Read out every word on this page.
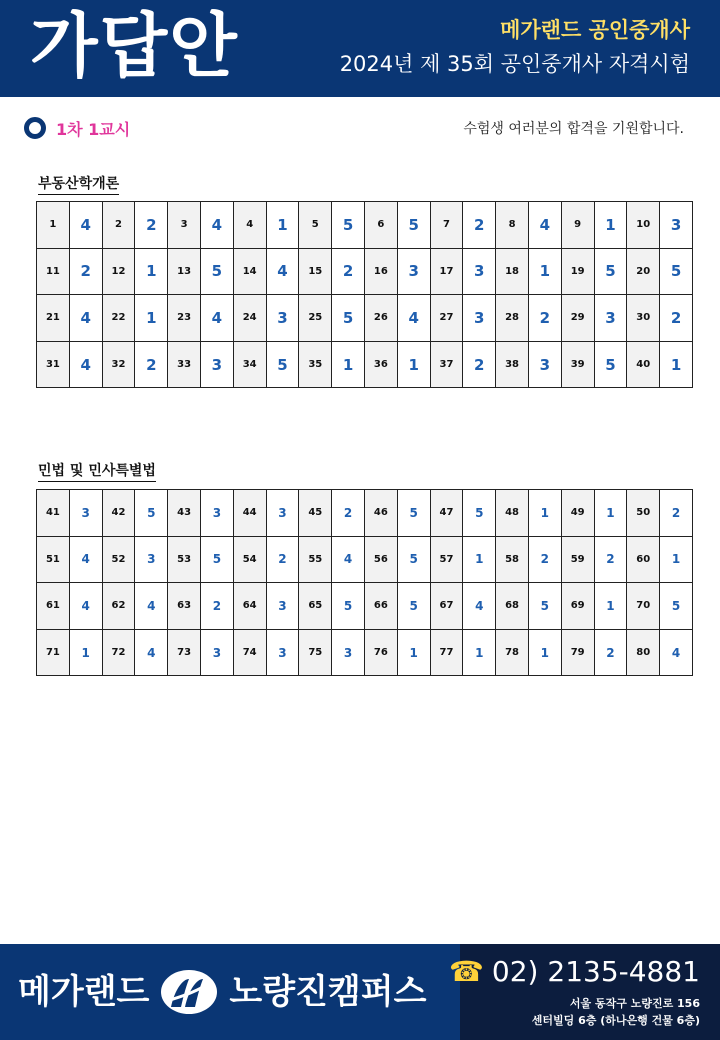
가답안	메가랜드 공인중개사
2024년 제 35회 공인중개사 자격시험
1차 1교시	수험생 여러분의 합격을 기원합니다.
부동산학개론
1	4	2	2	3	4	4	1	5	5	6	5	7	2	8	4	9	1	10	3
11	2	12	1	13	5	14	4	15	2	16	3	17	3	18	1	19	5	20	5
21	4	22	1	23	4	24	3	25	5	26	4	27	3	28	2	29	3	30	2
31	4	32	2	33	3	34	5	35	1	36	1	37	2	38	3	39	5	40	1
민법 및 민사특별법
41	3	42	5	43	3	44	3	45	2	46	5	47	5	48	1	49	1	50	2
51	4	52	3	53	5	54	2	55	4	56	5	57	1	58	2	59	2	60	1
61	4	62	4	63	2	64	3	65	5	66	5	67	4	68	5	69	1	70	5
71	1	72	4	73	3	74	3	75	3	76	1	77	1	78	1	79	2	80	4
메가랜드 노량진캠퍼스
☎ 02) 2135-4881
서울 동작구 노량진로 156
센터빌딩 6층 (하나은행 건물 6층)
